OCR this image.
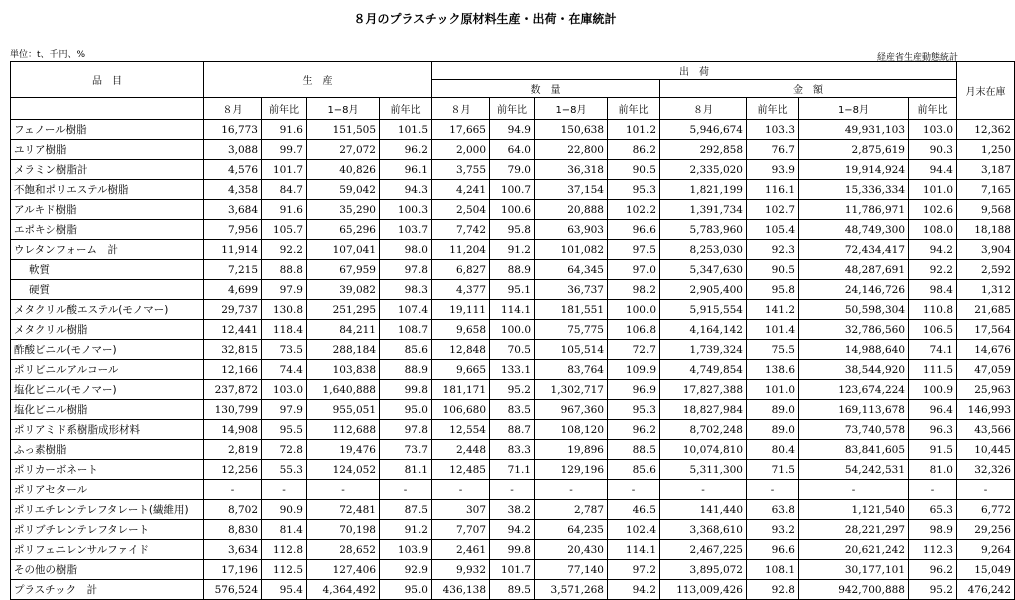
８月のプラスチック原材料生産・出荷・在庫統計
単位：t、千円、%	経産省生産動態統計
品　目	生　産				出　荷								月末在庫
					数　量				金　額				
	８月	前年比	1−8月	前年比	８月	前年比	1−8月	前年比	８月	前年比	1−8月	前年比	
フェノール樹脂	16,773	91.6	151,505	101.5	17,665	94.9	150,638	101.2	5,946,674	103.3	49,931,103	103.0	12,362
ユリア樹脂	3,088	99.7	27,072	96.2	2,000	64.0	22,800	86.2	292,858	76.7	2,875,619	90.3	1,250
メラミン樹脂計	4,576	101.7	40,826	96.1	3,755	79.0	36,318	90.5	2,335,020	93.9	19,914,924	94.4	3,187
不飽和ポリエステル樹脂	4,358	84.7	59,042	94.3	4,241	100.7	37,154	95.3	1,821,199	116.1	15,336,334	101.0	7,165
アルキド樹脂	3,684	91.6	35,290	100.3	2,504	100.6	20,888	102.2	1,391,734	102.7	11,786,971	102.6	9,568
エポキシ樹脂	7,956	105.7	65,296	103.7	7,742	95.8	63,903	96.6	5,783,960	105.4	48,749,300	108.0	18,188
ウレタンフォーム　計	11,914	92.2	107,041	98.0	11,204	91.2	101,082	97.5	8,253,030	92.3	72,434,417	94.2	3,904
軟質	7,215	88.8	67,959	97.8	6,827	88.9	64,345	97.0	5,347,630	90.5	48,287,691	92.2	2,592
硬質	4,699	97.9	39,082	98.3	4,377	95.1	36,737	98.2	2,905,400	95.8	24,146,726	98.4	1,312
メタクリル酸エステル(モノマー)	29,737	130.8	251,295	107.4	19,111	114.1	181,551	100.0	5,915,554	141.2	50,598,304	110.8	21,685
メタクリル樹脂	12,441	118.4	84,211	108.7	9,658	100.0	75,775	106.8	4,164,142	101.4	32,786,560	106.5	17,564
酢酸ビニル(モノマー)	32,815	73.5	288,184	85.6	12,848	70.5	105,514	72.7	1,739,324	75.5	14,988,640	74.1	14,676
ポリビニルアルコール	12,166	74.4	103,838	88.9	9,665	133.1	83,764	109.9	4,749,854	138.6	38,544,920	111.5	47,059
塩化ビニル(モノマー)	237,872	103.0	1,640,888	99.8	181,171	95.2	1,302,717	96.9	17,827,388	101.0	123,674,224	100.9	25,963
塩化ビニル樹脂	130,799	97.9	955,051	95.0	106,680	83.5	967,360	95.3	18,827,984	89.0	169,113,678	96.4	146,993
ポリアミド系樹脂成形材料	14,908	95.5	112,688	97.8	12,554	88.7	108,120	96.2	8,702,248	89.0	73,740,578	96.3	43,566
ふっ素樹脂	2,819	72.8	19,476	73.7	2,448	83.3	19,896	88.5	10,074,810	80.4	83,841,605	91.5	10,445
ポリカーボネート	12,256	55.3	124,052	81.1	12,485	71.1	129,196	85.6	5,311,300	71.5	54,242,531	81.0	32,326
ポリアセタール	-	-	-	-	-	-	-	-	-	-	-	-	-
ポリエチレンテレフタレート(繊維用)	8,702	90.9	72,481	87.5	307	38.2	2,787	46.5	141,440	63.8	1,121,540	65.3	6,772
ポリブチレンテレフタレート	8,830	81.4	70,198	91.2	7,707	94.2	64,235	102.4	3,368,610	93.2	28,221,297	98.9	29,256
ポリフェニレンサルファイド	3,634	112.8	28,652	103.9	2,461	99.8	20,430	114.1	2,467,225	96.6	20,621,242	112.3	9,264
その他の樹脂	17,196	112.5	127,406	92.9	9,932	101.7	77,140	97.2	3,895,072	108.1	30,177,101	96.2	15,049
プラスチック　計	576,524	95.4	4,364,492	95.0	436,138	89.5	3,571,268	94.2	113,009,426	92.8	942,700,888	95.2	476,242
